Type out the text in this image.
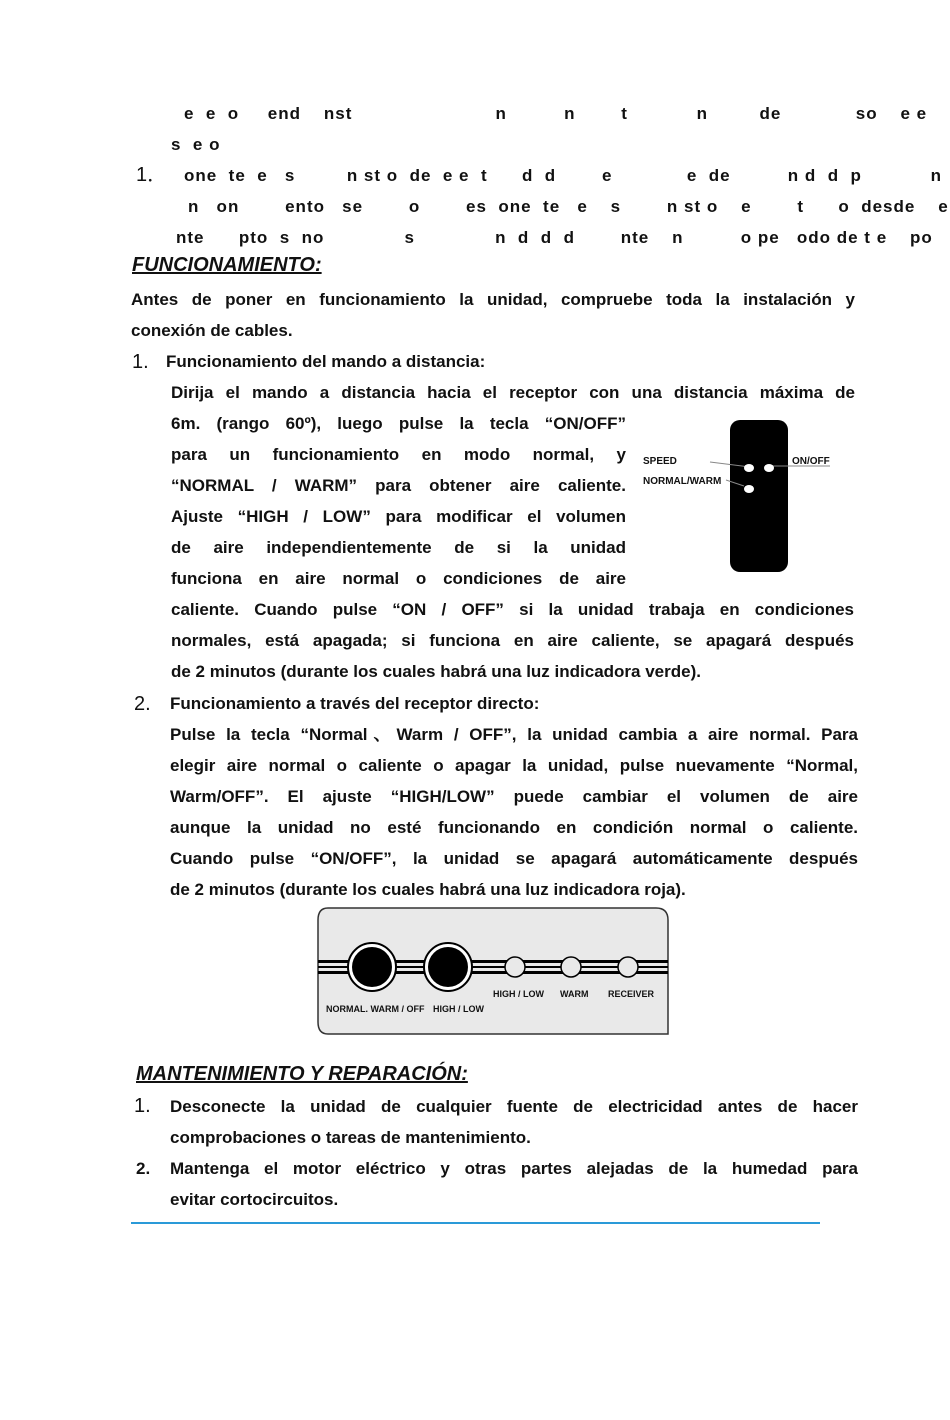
e  e  o     end    nst                         n          n        t            n         de             so    e e
s  e o
1． one  te  e   s         n st o  de  e e  t      d  d        e             e  de          n d  d  p            n
n   on        ento   se        o        es  one  te   e    s        n st o    e        t      o  desde    e
nte      pto  s  no              s              n  d  d  d        nte    n          o pe   odo de t e    po
FUNCIONAMIENTO:
Antes de poner en funcionamiento la unidad, compruebe toda la instalación y
conexión de cables.
1. Funcionamiento del mando a distancia:
Dirija el mando a distancia hacia el receptor con una distancia máxima de
6m. (rango 60º), luego pulse la tecla “ON/OFF”
para un funcionamiento en modo normal, y
“NORMAL / WARM” para obtener aire caliente.
Ajuste “HIGH / LOW” para modificar el volumen
de aire independientemente de si la unidad
funciona en aire normal o condiciones de aire
caliente. Cuando pulse “ON / OFF” si la unidad trabaja en condiciones
normales, está apagada; si funciona en aire caliente, se apagará después
de 2 minutos (durante los cuales habrá una luz indicadora verde).
SPEED
NORMAL/WARM
ON/OFF
2. Funcionamiento a través del receptor directo:
Pulse la tecla “Normal、Warm / OFF”, la unidad cambia a aire normal. Para
elegir aire normal o caliente o apagar la unidad, pulse nuevamente “Normal,
Warm/OFF”. El ajuste “HIGH/LOW” puede cambiar el volumen de aire
aunque la unidad no esté funcionando en condición normal o caliente.
Cuando pulse “ON/OFF”, la unidad se apagará automáticamente después
de 2 minutos (durante los cuales habrá una luz indicadora roja).
NORMAL. WARM / OFF HIGH / LOW
HIGH / LOW WARM RECEIVER
MANTENIMIENTO Y REPARACIÓN:
1. Desconecte la unidad de cualquier fuente de electricidad antes de hacer
comprobaciones o tareas de mantenimiento.
2. Mantenga el motor eléctrico y otras partes alejadas de la humedad para
evitar cortocircuitos.
